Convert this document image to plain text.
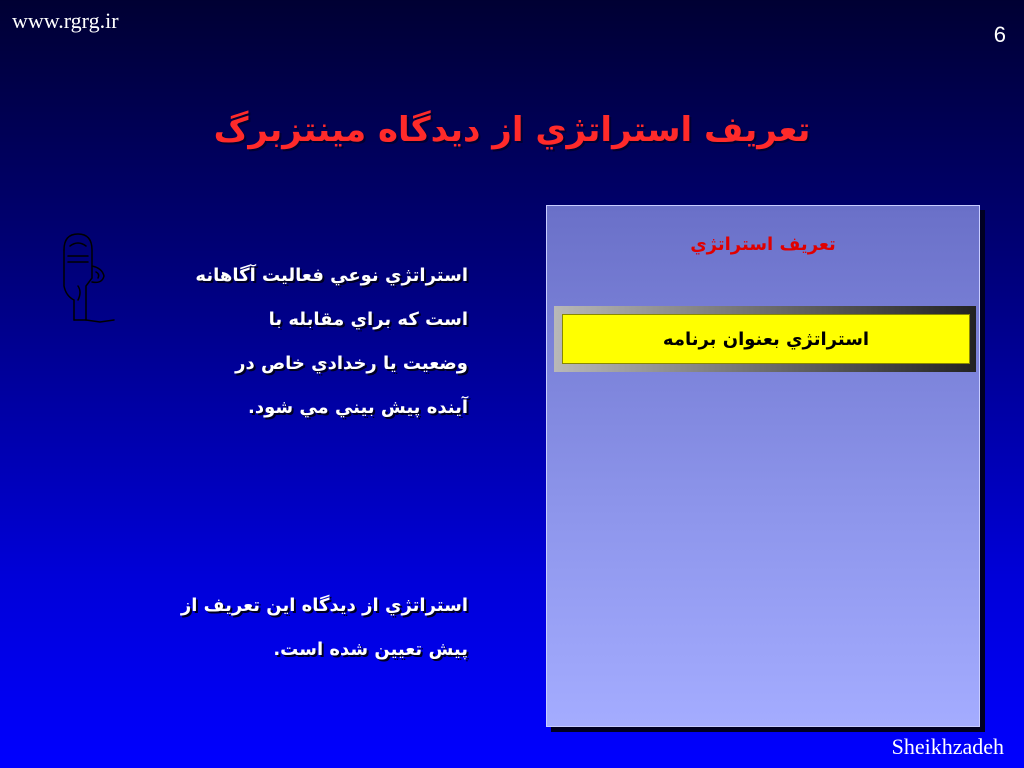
www.rgrg.ir
6
تعريف استراتژي از ديدگاه مينتزبرگ
استراتژي نوعي فعاليت آگاهانه
است كه براي مقابله با
وضعيت يا رخدادي خاص در
آينده پيش بيني مي شود.
استراتژي از ديدگاه اين تعريف از
پيش تعيين شده است.
تعريف استراتژي
استراتژي بعنوان برنامه
Sheikhzadeh
